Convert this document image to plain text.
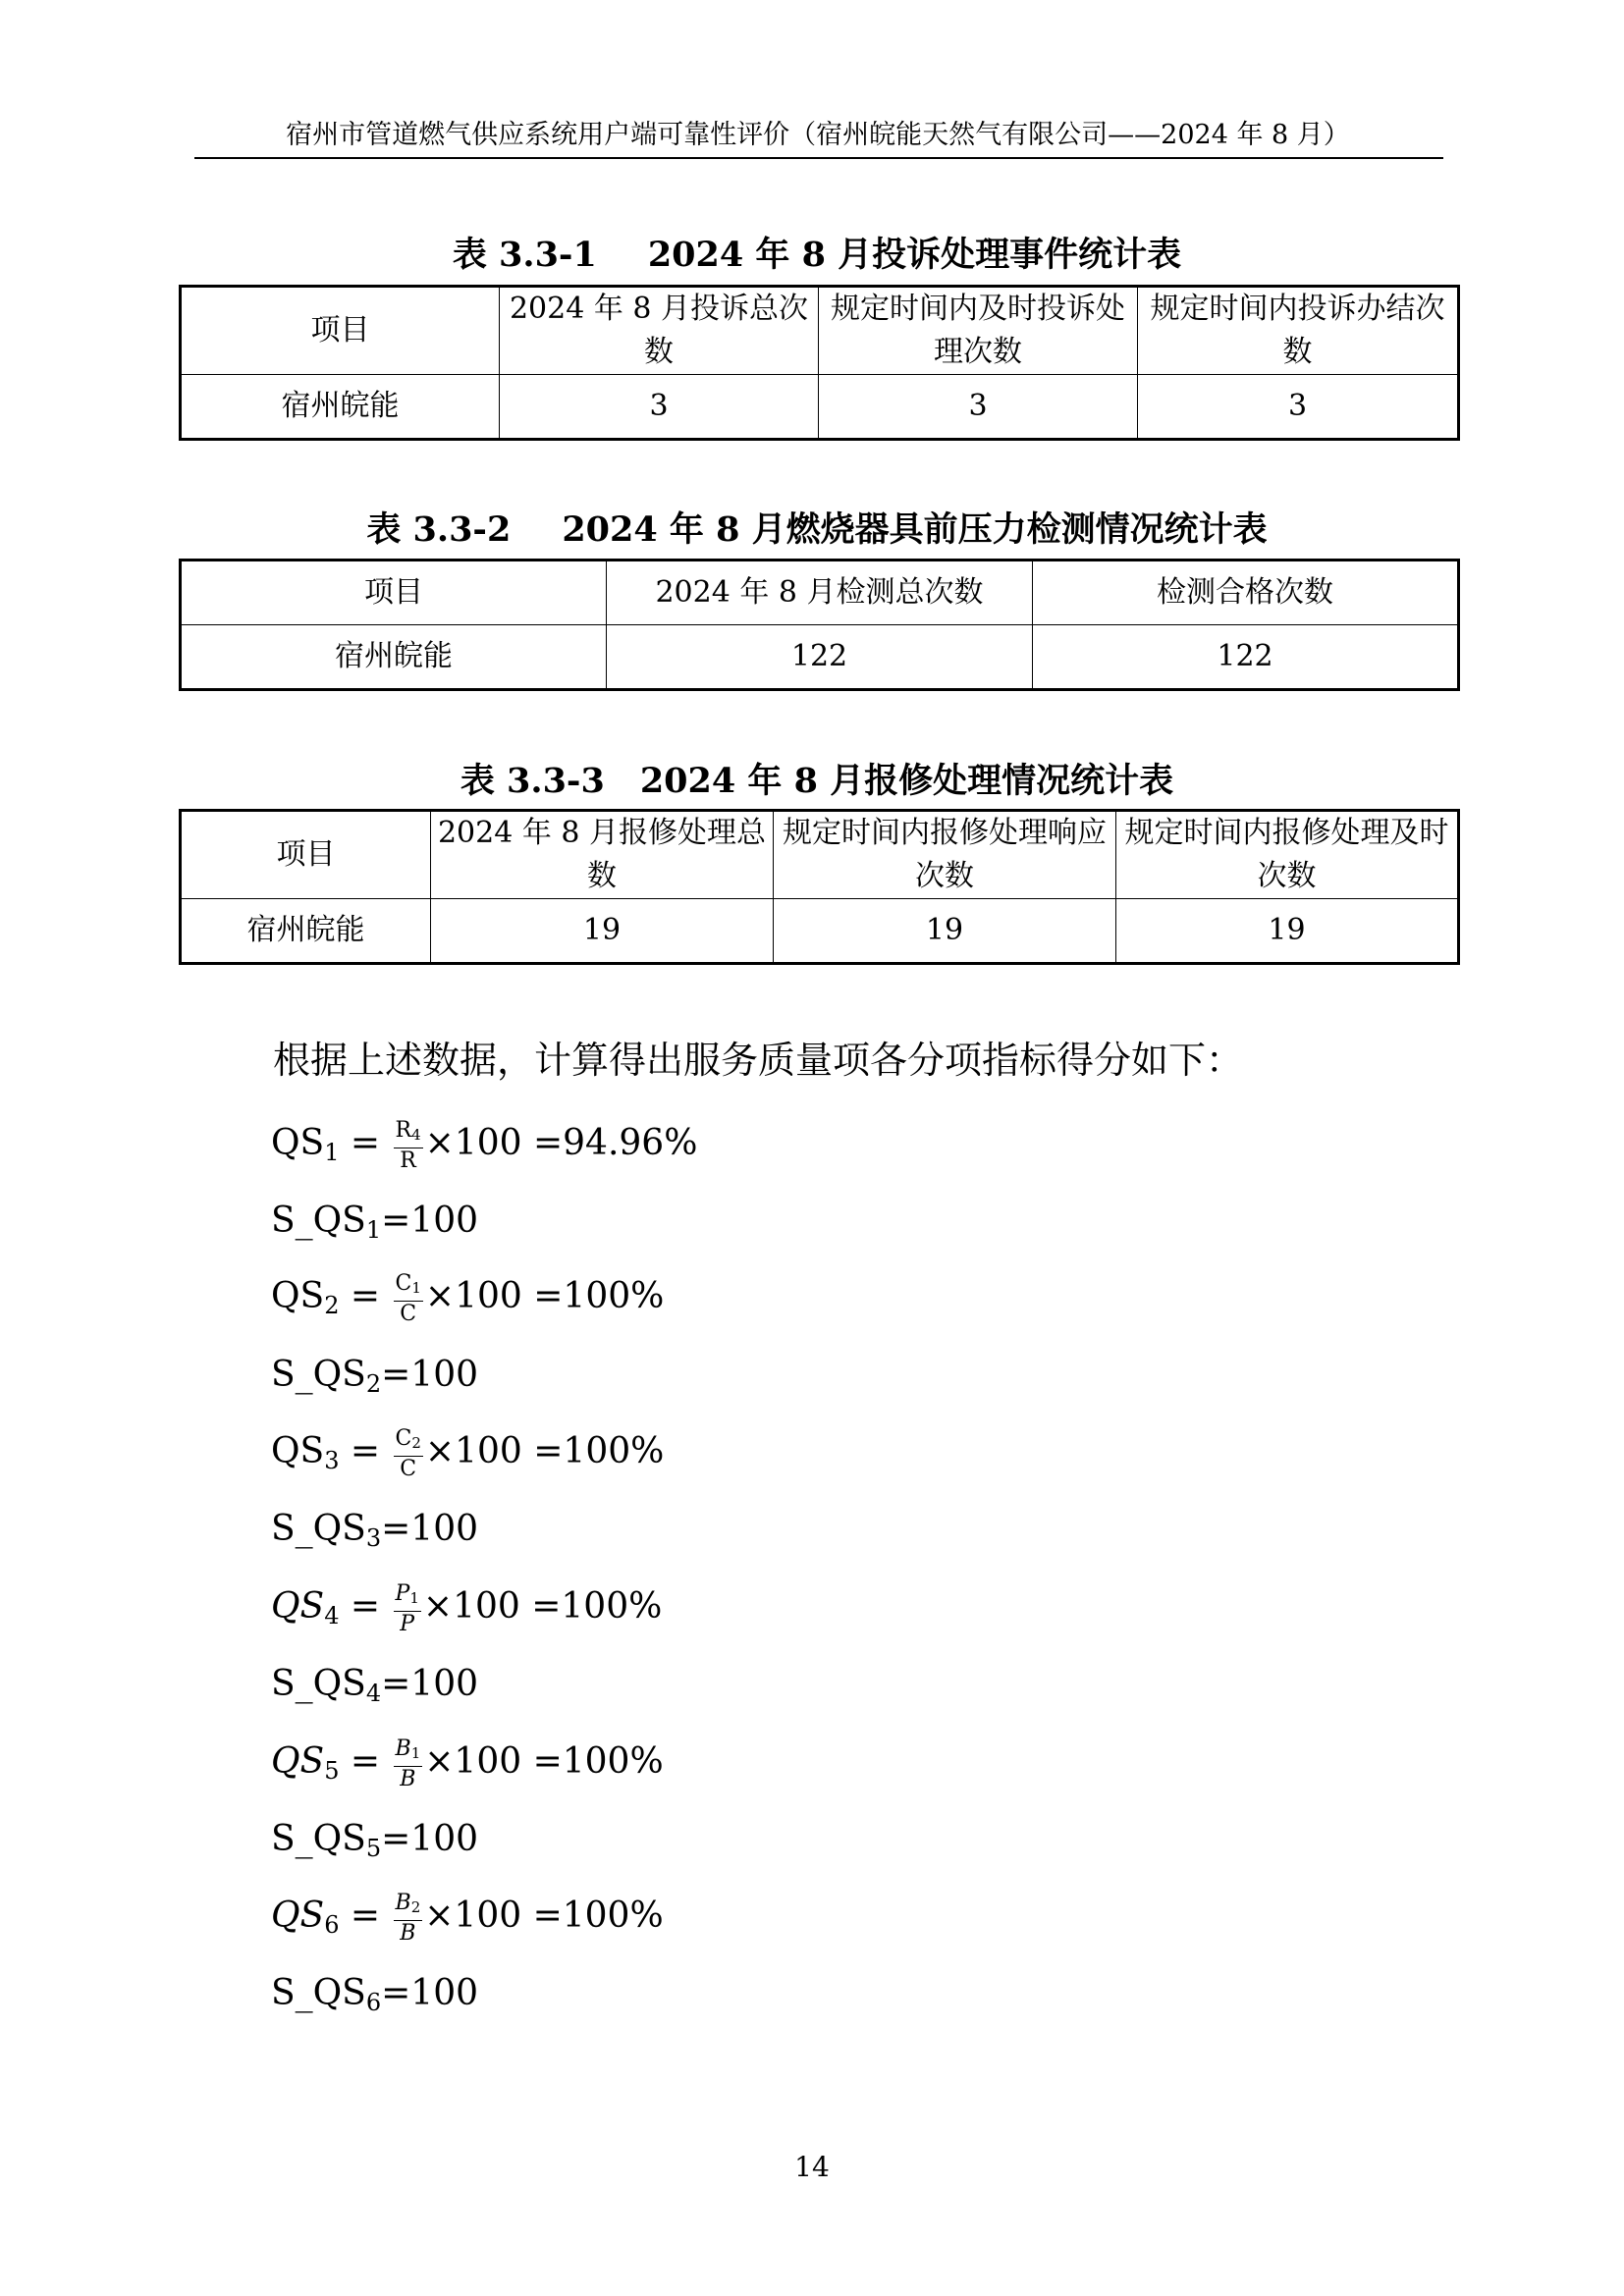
宿州市管道燃气供应系统用户端可靠性评价（宿州皖能天然气有限公司——2024 年 8 月）
表 3.3-1 2024 年 8 月投诉处理事件统计表
项目	2024 年 8 月投诉总次数	规定时间内及时投诉处理次数	规定时间内投诉办结次数
宿州皖能	3	3	3
表 3.3-2 2024 年 8 月燃烧器具前压力检测情况统计表
项目	2024 年 8 月检测总次数	检测合格次数
宿州皖能	122	122
表 3.3-3 2024 年 8 月报修处理情况统计表
项目	2024 年 8 月报修处理总数	规定时间内报修处理响应次数	规定时间内报修处理及时次数
宿州皖能	19	19	19
根据上述数据，计算得出服务质量项各分项指标得分如下：
$QS_1 = \frac{R_4}{R} \times 100 =94.96\%$
$S\_QS_1=100$
$QS_2 = \frac{C_1}{C} \times 100 =100\%$
$S\_QS_2=100$
$QS_3 = \frac{C_2}{C} \times 100 =100\%$
$S\_QS_3=100$
$QS_4 = \frac{P_1}{P} \times 100 =100\%$
$S\_QS_4=100$
$QS_5 = \frac{B_1}{B} \times 100 =100\%$
$S\_QS_5=100$
$QS_6 = \frac{B_2}{B} \times 100 =100\%$
$S\_QS_6=100$
14
